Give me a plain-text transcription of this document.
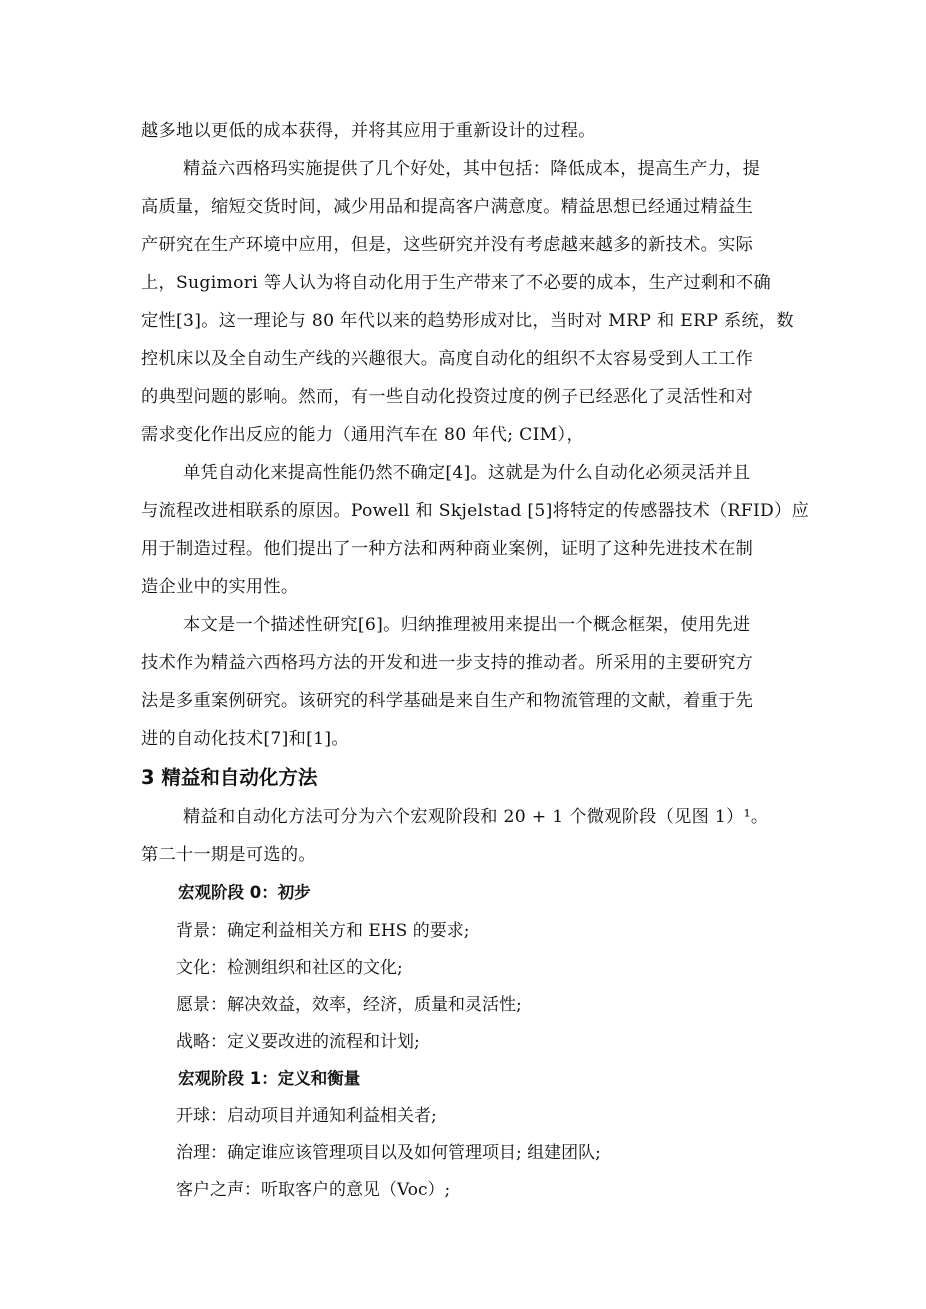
越多地以更低的成本获得，并将其应用于重新设计的过程。
精益六西格玛实施提供了几个好处，其中包括：降低成本，提高生产力，提
高质量，缩短交货时间，减少用品和提高客户满意度。精益思想已经通过精益生
产研究在生产环境中应用，但是，这些研究并没有考虑越来越多的新技术。实际
上，Sugimori 等人认为将自动化用于生产带来了不必要的成本，生产过剩和不确
定性[3]。这一理论与 80 年代以来的趋势形成对比，当时对 MRP 和 ERP 系统，数
控机床以及全自动生产线的兴趣很大。高度自动化的组织不太容易受到人工工作
的典型问题的影响。然而，有一些自动化投资过度的例子已经恶化了灵活性和对
需求变化作出反应的能力（通用汽车在 80 年代; CIM），
单凭自动化来提高性能仍然不确定[4]。这就是为什么自动化必须灵活并且
与流程改进相联系的原因。Powell 和 Skjelstad [5]将特定的传感器技术（RFID）应
用于制造过程。他们提出了一种方法和两种商业案例，证明了这种先进技术在制
造企业中的实用性。
本文是一个描述性研究[6]。归纳推理被用来提出一个概念框架，使用先进
技术作为精益六西格玛方法的开发和进一步支持的推动者。所采用的主要研究方
法是多重案例研究。该研究的科学基础是来自生产和物流管理的文献，着重于先
进的自动化技术[7]和[1]。
3 精益和自动化方法
精益和自动化方法可分为六个宏观阶段和 20 + 1 个微观阶段（见图 1）¹。
第二十一期是可选的。
宏观阶段 0：初步
背景：确定利益相关方和 EHS 的要求;
文化：检测组织和社区的文化;
愿景：解决效益，效率，经济，质量和灵活性;
战略：定义要改进的流程和计划;
宏观阶段 1：定义和衡量
开球：启动项目并通知利益相关者;
治理：确定谁应该管理项目以及如何管理项目; 组建团队;
客户之声：听取客户的意见（Voc）;
